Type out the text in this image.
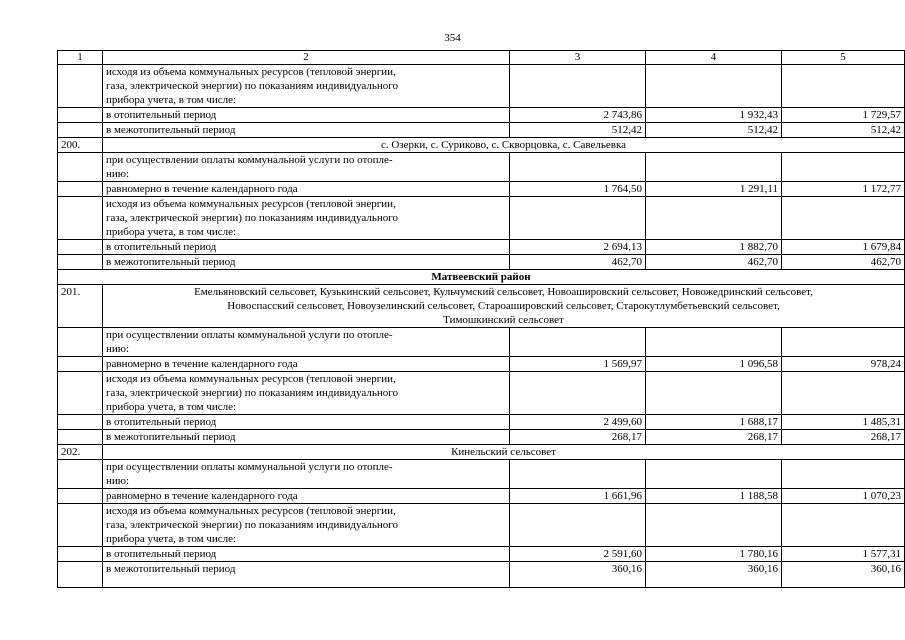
354
1	2	3	4	5

	исходя из объема коммунальных ресурсов (тепловой энергии,
газа, электрической энергии) по показаниям индивидуального
прибора учета, в том числе:			

	в отопительный период	2 743,86	1 932,43	1 729,57
	в межотопительный период	512,42	512,42	512,42
200.	с. Озерки, с. Суриково, с. Скворцовка, с. Савельевка			

	при осуществлении оплаты коммунальной услуги по отопле-
нию:			

	равномерно в течение календарного года	1 764,50	1 291,11	1 172,77

	исходя из объема коммунальных ресурсов (тепловой энергии,
газа, электрической энергии) по показаниям индивидуального
прибора учета, в том числе:			

	в отопительный период	2 694,13	1 882,70	1 679,84
	в межотопительный период	462,70	462,70	462,70
Матвеевский район				
201.	Емельяновский сельсовет, Кузькинский сельсовет, Кульчумский сельсовет, Новоаширoвский сельсовет, Новожедринский сельсовет,
Новоспасский сельсовет, Новоузелинский сельсовет, Староаширoвский сельсовет, Старокутлумбетьевский сельсовет,
Тимошкинский сельсовет			

	при осуществлении оплаты коммунальной услуги по отопле-
нию:			

	равномерно в течение календарного года	1 569,97	1 096,58	978,24

	исходя из объема коммунальных ресурсов (тепловой энергии,
газа, электрической энергии) по показаниям индивидуального
прибора учета, в том числе:			

	в отопительный период	2 499,60	1 688,17	1 485,31
	в межотопительный период	268,17	268,17	268,17
202.	Кинельский сельсовет			

	при осуществлении оплаты коммунальной услуги по отопле-
нию:			

	равномерно в течение календарного года	1 661,96	1 188,58	1 070,23

	исходя из объема коммунальных ресурсов (тепловой энергии,
газа, электрической энергии) по показаниям индивидуального
прибора учета, в том числе:			

	в отопительный период	2 591,60	1 780,16	1 577,31
	в межотопительный период	360,16	360,16	360,16
